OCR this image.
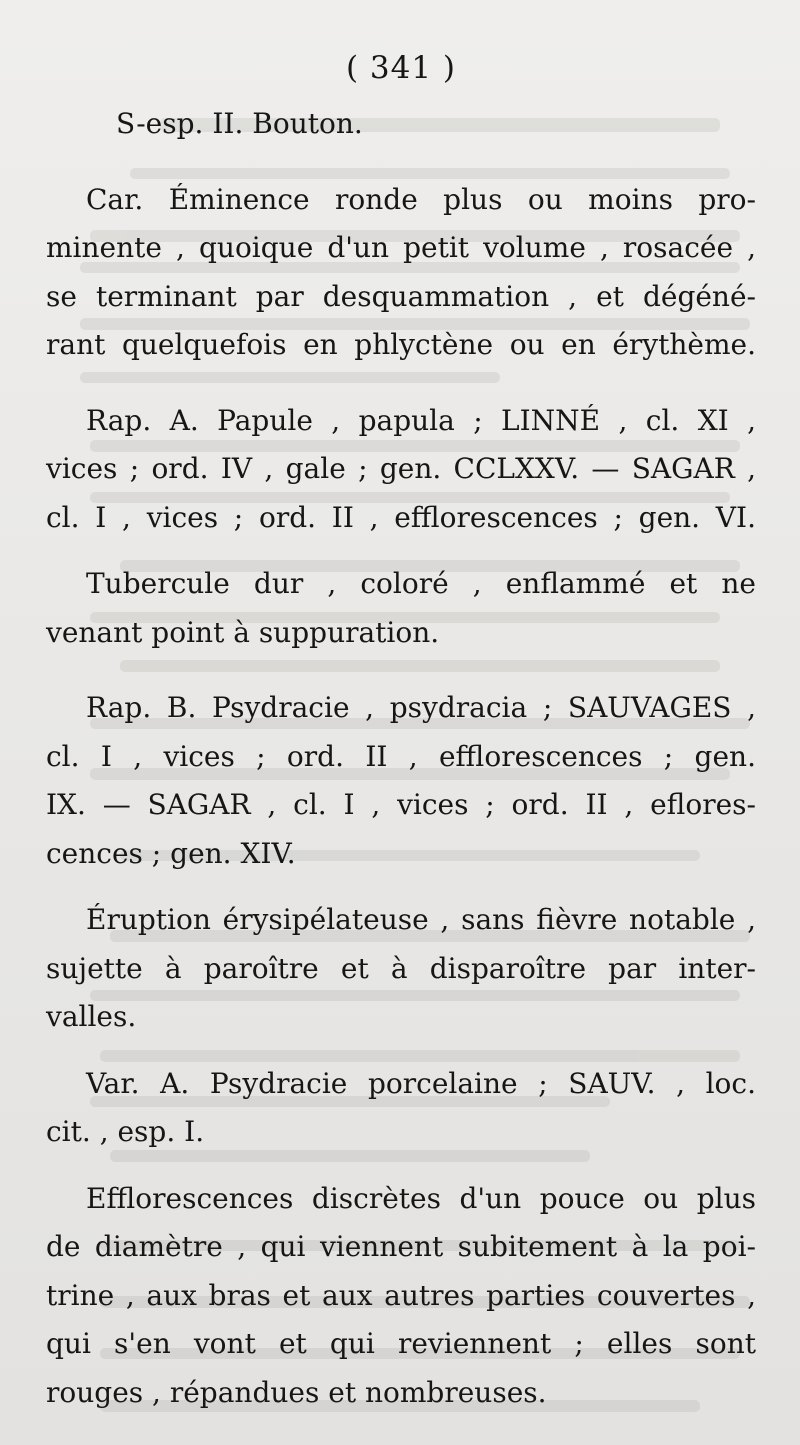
( 341 )
S-esp. II. Bouton.
Car. Éminence ronde plus ou moins pro-
minente , quoique d'un petit volume , rosacée ,
se terminant par desquammation , et dégéné-
rant quelquefois en phlyctène ou en érythème.
Rap. A. Papule , papula ; LINNÉ , cl. XI ,
vices ; ord. IV , gale ; gen. CCLXXV. — SAGAR ,
cl. I , vices ; ord. II , efflorescences ; gen. VI.
Tubercule dur , coloré , enflammé et ne
venant point à suppuration.
Rap. B. Psydracie , psydracia ; SAUVAGES ,
cl. I , vices ; ord. II , efflorescences ; gen.
IX. — SAGAR , cl. I , vices ; ord. II , eflores-
cences ; gen. XIV.
Éruption érysipélateuse , sans fièvre notable ,
sujette à paroître et à disparoître par inter-
valles.
Var. A. Psydracie porcelaine ; SAUV. , loc.
cit. , esp. I.
Efflorescences discrètes d'un pouce ou plus
de diamètre , qui viennent subitement à la poi-
trine , aux bras et aux autres parties couvertes ,
qui s'en vont et qui reviennent ; elles sont
rouges , répandues et nombreuses.
